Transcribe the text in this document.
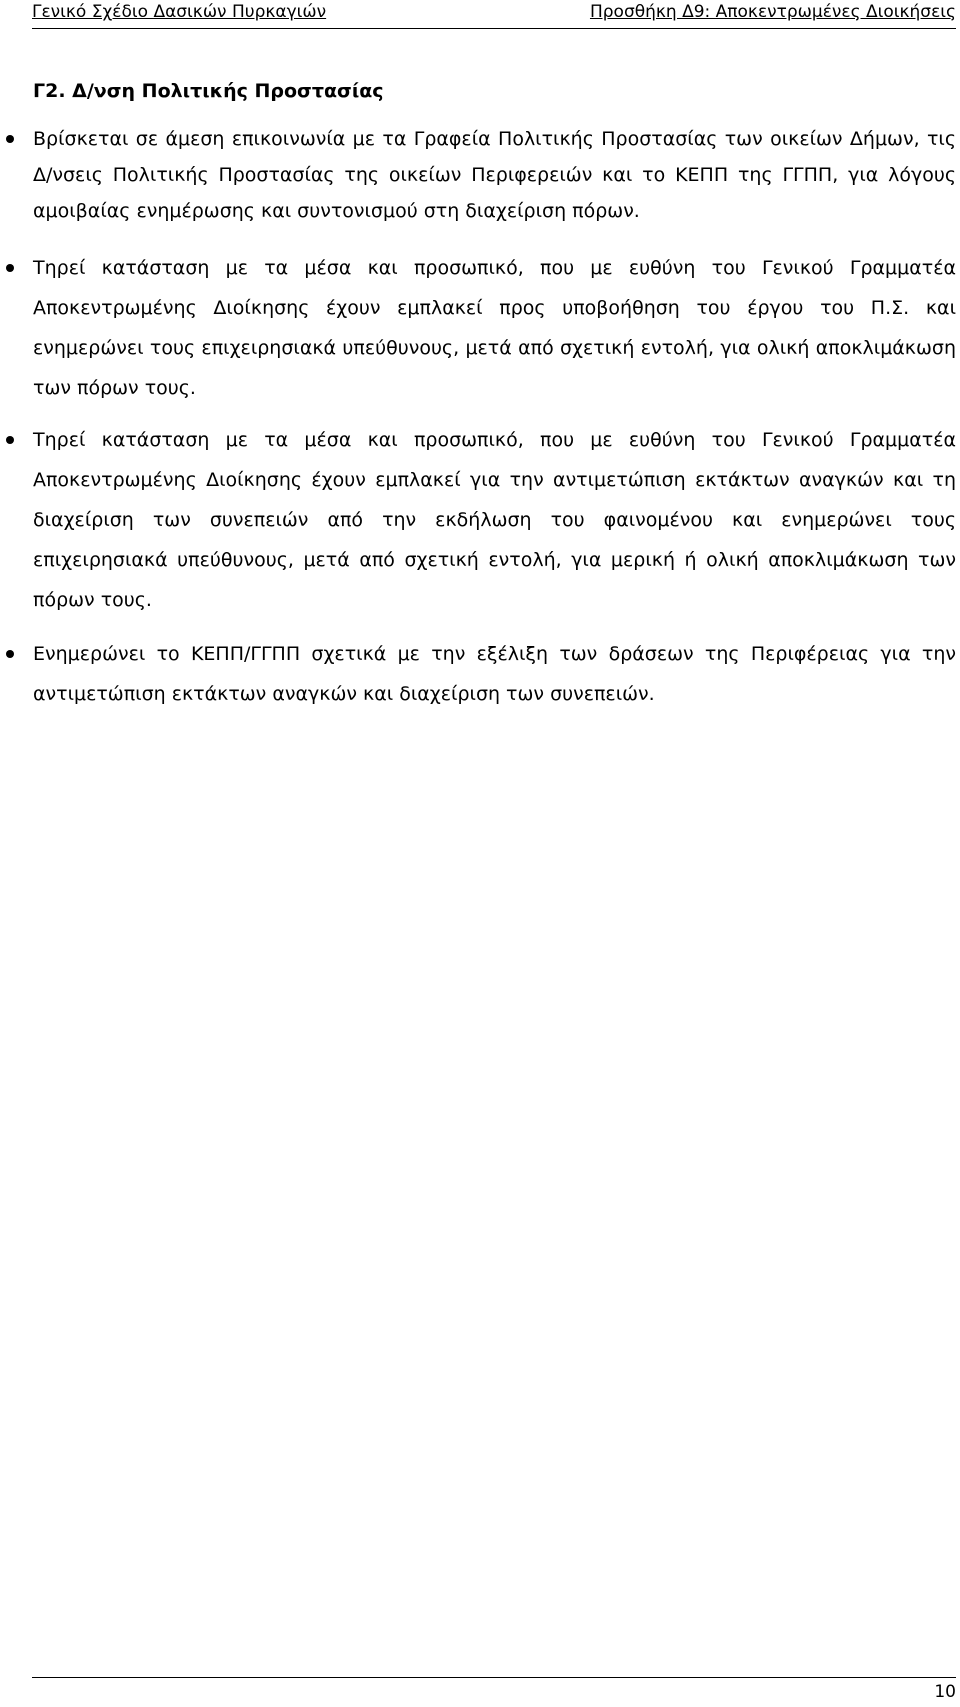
Γενικό Σχέδιο Δασικών Πυρκαγιών	Προσθήκη Δ9: Αποκεντρωμένες Διοικήσεις
Γ2. Δ/νση Πολιτικής Προστασίας
Βρίσκεται σε άμεση επικοινωνία με τα Γραφεία Πολιτικής Προστασίας των οικείων Δήμων, τις Δ/νσεις Πολιτικής Προστασίας της οικείων Περιφερειών και το ΚΕΠΠ της ΓΓΠΠ, για λόγους αμοιβαίας ενημέρωσης και συντονισμού στη διαχείριση πόρων.
Τηρεί κατάσταση με τα μέσα και προσωπικό, που με ευθύνη του Γενικού Γραμματέα Αποκεντρωμένης Διοίκησης έχουν εμπλακεί προς υποβοήθηση του έργου του Π.Σ. και ενημερώνει τους επιχειρησιακά υπεύθυνους, μετά από σχετική εντολή, για ολική αποκλιμάκωση των πόρων τους.
Τηρεί κατάσταση με τα μέσα και προσωπικό, που με ευθύνη του Γενικού Γραμματέα Αποκεντρωμένης Διοίκησης έχουν εμπλακεί για την αντιμετώπιση εκτάκτων αναγκών και τη διαχείριση των συνεπειών από την εκδήλωση του φαινομένου και ενημερώνει τους επιχειρησιακά υπεύθυνους, μετά από σχετική εντολή, για μερική ή ολική αποκλιμάκωση των πόρων τους.
Ενημερώνει το ΚΕΠΠ/ΓΓΠΠ σχετικά με την εξέλιξη των δράσεων της Περιφέρειας για την αντιμετώπιση εκτάκτων αναγκών και διαχείριση των συνεπειών.
10
